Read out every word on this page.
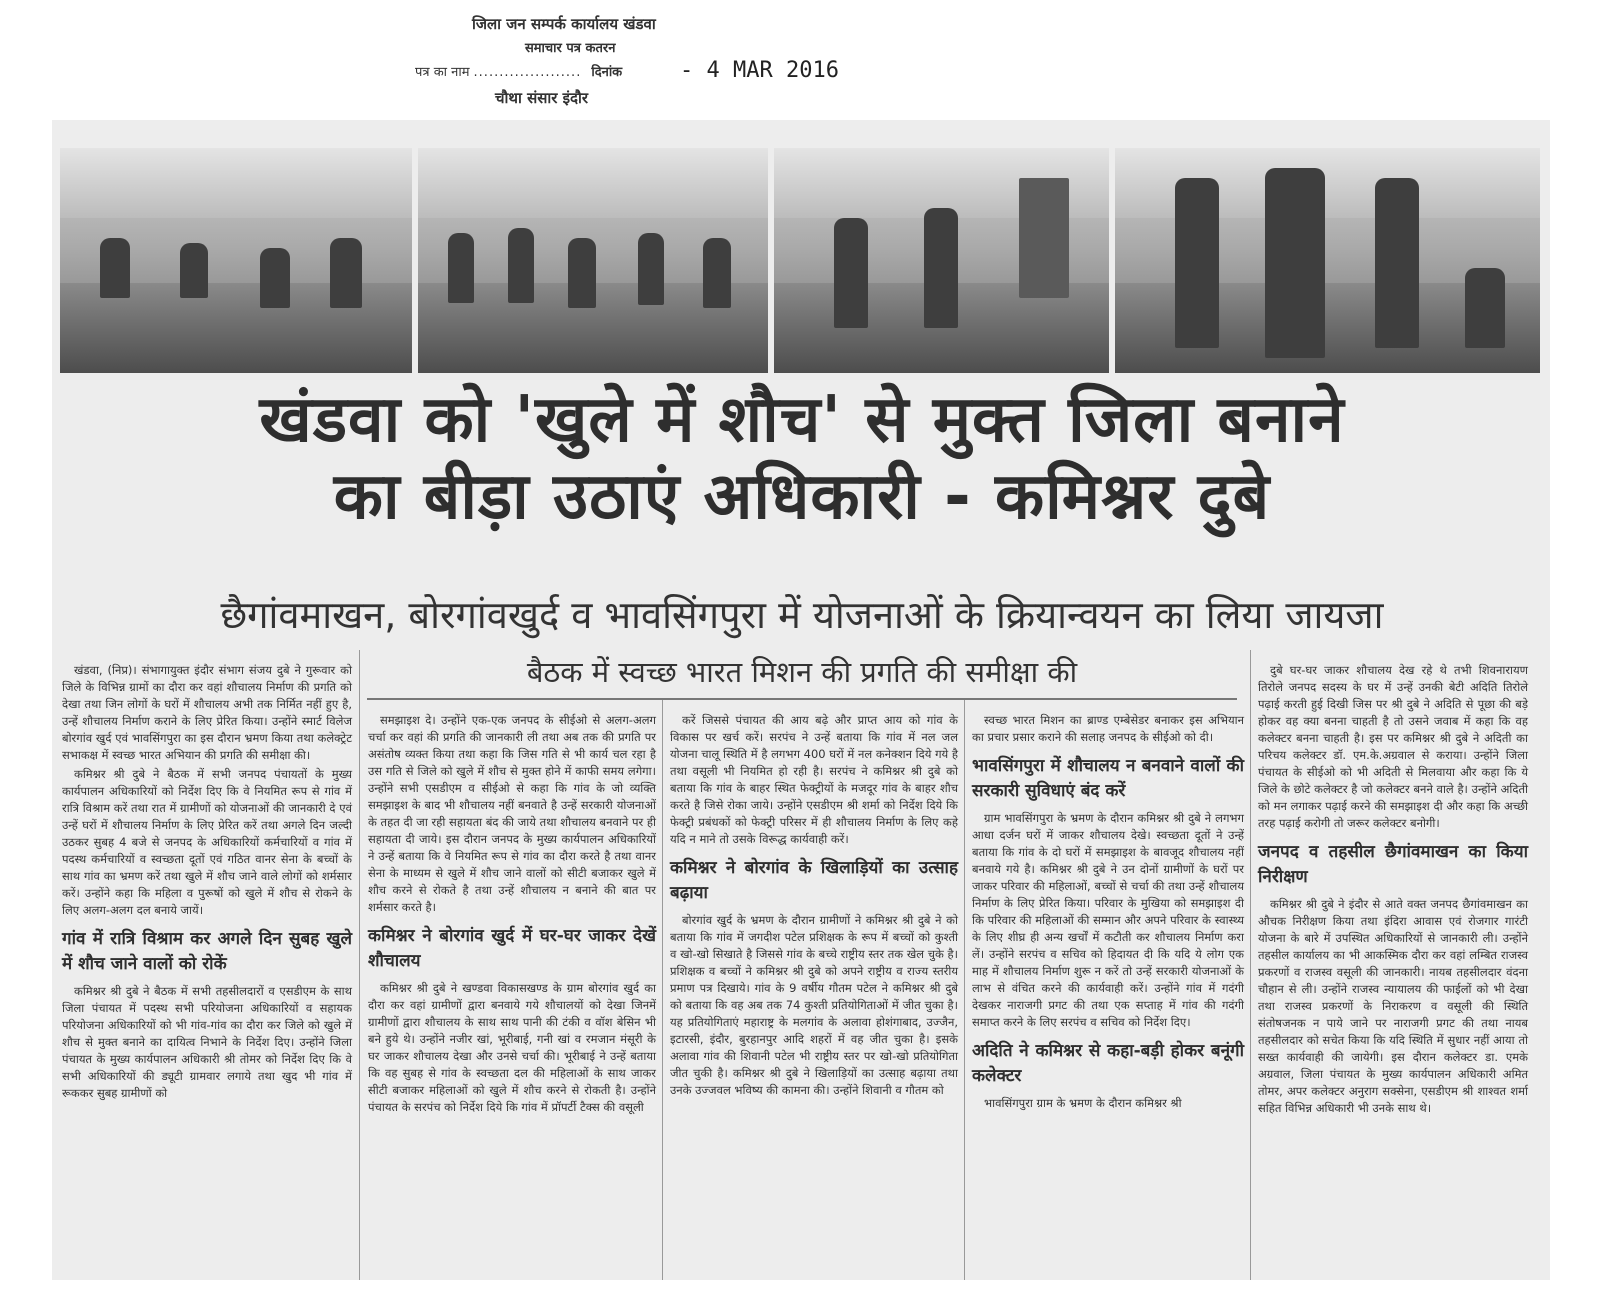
जिला जन सम्पर्क कार्यालय खंडवा
समाचार पत्र कतरन
पत्र का नाम ..................... दिनांक	- 4 MAR 2016
चौथा संसार इंदौर
खंडवा को 'खुले में शौच' से मुक्त जिला बनाने
का बीड़ा उठाएं अधिकारी - कमिश्नर दुबे
छैगांवमाखन, बोरगांवखुर्द व भावसिंगपुरा में योजनाओं के क्रियान्वयन का लिया जायजा
बैठक में स्वच्छ भारत मिशन की प्रगति की समीक्षा की

खंडवा, (निप्र)। संभागायुक्त इंदौर संभाग संजय दुबे ने गुरूवार को जिले के विभिन्न ग्रामों का दौरा कर वहां शौचालय निर्माण की प्रगति को देखा तथा जिन लोगों के घरों में शौचालय अभी तक निर्मित नहीं हुए है, उन्हें शौचालय निर्माण कराने के लिए प्रेरित किया। उन्होंने स्मार्ट विलेज बोरगांव खुर्द एवं भावसिंगपुरा का इस दौरान भ्रमण किया तथा कलेक्ट्रेट सभाकक्ष में स्वच्छ भारत अभियान की प्रगति की समीक्षा की।

कमिश्नर श्री दुबे ने बैठक में सभी जनपद पंचायतों के मुख्य कार्यपालन अधिकारियों को निर्देश दिए कि वे नियमित रूप से गांव में रात्रि विश्राम करें तथा रात में ग्रामीणों को योजनाओं की जानकारी दे एवं उन्हें घरों में शौचालय निर्माण के लिए प्रेरित करें तथा अगले दिन जल्दी उठकर सुबह 4 बजे से जनपद के अधिकारियों कर्मचारियों व गांव में पदस्थ कर्मचारियों व स्वच्छता दूतों एवं गठित वानर सेना के बच्चों के साथ गांव का भ्रमण करें तथा खुले में शौच जाने वाले लोगों को शर्मसार करें। उन्होंने कहा कि महिला व पुरूषों को खुले में शौच से रोकने के लिए अलग-अलग दल बनाये जायें।

गांव में रात्रि विश्राम कर अगले दिन सुबह खुले में शौच जाने वालों को रोकें

कमिश्नर श्री दुबे ने बैठक में सभी तहसीलदारों व एसडीएम के साथ जिला पंचायत में पदस्थ सभी परियोजना अधिकारियों व सहायक परियोजना अधिकारियों को भी गांव-गांव का दौरा कर जिले को खुले में शौच से मुक्त बनाने का दायित्व निभाने के निर्देश दिए। उन्होंने जिला पंचायत के मुख्य कार्यपालन अधिकारी श्री तोमर को निर्देश दिए कि वे सभी अधिकारियों की ड्यूटी ग्रामवार लगाये तथा खुद भी गांव में रूककर सुबह ग्रामीणों को

समझाइश दे। उन्होंने एक-एक जनपद के सीईओ से अलग-अलग चर्चा कर वहां की प्रगति की जानकारी ली तथा अब तक की प्रगति पर असंतोष व्यक्त किया तथा कहा कि जिस गति से भी कार्य चल रहा है उस गति से जिले को खुले में शौच से मुक्त होने में काफी समय लगेगा। उन्होंने सभी एसडीएम व सीईओ से कहा कि गांव के जो व्यक्ति समझाइश के बाद भी शौचालय नहीं बनवाते है उन्हें सरकारी योजनाओं के तहत दी जा रही सहायता बंद की जाये तथा शौचालय बनवाने पर ही सहायता दी जाये। इस दौरान जनपद के मुख्य कार्यपालन अधिकारियों ने उन्हें बताया कि वे नियमित रूप से गांव का दौरा करते है तथा वानर सेना के माध्यम से खुले में शौच जाने वालों को सीटी बजाकर खुले में शौच करने से रोकते है तथा उन्हें शौचालय न बनाने की बात पर शर्मसार करते है।

कमिश्नर ने बोरगांव खुर्द में घर-घर जाकर देखें शौचालय

कमिश्नर श्री दुबे ने खण्डवा विकासखण्ड के ग्राम बोरगांव खुर्द का दौरा कर वहां ग्रामीणों द्वारा बनवाये गये शौचालयों को देखा जिनमें ग्रामीणों द्वारा शौचालय के साथ साथ पानी की टंकी व वॉश बेसिन भी बने हुये थे। उन्होंने नजीर खां, भूरीबाई, गनी खां व रमजान मंसूरी के घर जाकर शौचालय देखा और उनसे चर्चा की। भूरीबाई ने उन्हें बताया कि वह सुबह से गांव के स्वच्छता दल की महिलाओं के साथ जाकर सीटी बजाकर महिलाओं को खुले में शौच करने से रोकती है। उन्होंने पंचायत के सरपंच को निर्देश दिये कि गांव में प्रॉपर्टी टैक्स की वसूली

करें जिससे पंचायत की आय बढ़े और प्राप्त आय को गांव के विकास पर खर्च करें। सरपंच ने उन्हें बताया कि गांव में नल जल योजना चालू स्थिति में है लगभग 400 घरों में नल कनेक्शन दिये गये है तथा वसूली भी नियमित हो रही है। सरपंच ने कमिश्नर श्री दुबे को बताया कि गांव के बाहर स्थित फेक्ट्रीयों के मजदूर गांव के बाहर शौच करते है जिसे रोका जाये। उन्होंने एसडीएम श्री शर्मा को निर्देश दिये कि फेक्ट्री प्रबंधकों को फेक्ट्री परिसर में ही शौचालय निर्माण के लिए कहे यदि न माने तो उसके विरूद्ध कार्यवाही करें।

कमिश्नर ने बोरगांव के खिलाड़ियों का उत्साह बढ़ाया

बोरगांव खुर्द के भ्रमण के दौरान ग्रामीणों ने कमिश्नर श्री दुबे ने को बताया कि गांव में जगदीश पटेल प्रशिक्षक के रूप में बच्चों को कुश्ती व खो-खो सिखाते है जिससे गांव के बच्चे राष्ट्रीय स्तर तक खेल चुके है। प्रशिक्षक व बच्चों ने कमिश्नर श्री दुबे को अपने राष्ट्रीय व राज्य स्तरीय प्रमाण पत्र दिखाये। गांव के 9 वर्षीय गौतम पटेल ने कमिश्नर श्री दुबे को बताया कि वह अब तक 74 कुश्ती प्रतियोगिताओं में जीत चुका है। यह प्रतियोगिताएं महाराष्ट्र के मलगांव के अलावा होशंगाबाद, उज्जैन, इटारसी, इंदौर, बुरहानपुर आदि शहरों में वह जीत चुका है। इसके अलावा गांव की शिवानी पटेल भी राष्ट्रीय स्तर पर खो-खो प्रतियोगिता जीत चुकी है। कमिश्नर श्री दुबे ने खिलाड़ियों का उत्साह बढ़ाया तथा उनके उज्जवल भविष्य की कामना की। उन्होंने शिवानी व गौतम को

स्वच्छ भारत मिशन का ब्राण्ड एम्बेसेडर बनाकर इस अभियान का प्रचार प्रसार कराने की सलाह जनपद के सीईओ को दी।

भावसिंगपुरा में शौचालय न बनवाने वालों की सरकारी सुविधाएं बंद करें

ग्राम भावसिंगपुरा के भ्रमण के दौरान कमिश्नर श्री दुबे ने लगभग आधा दर्जन घरों में जाकर शौचालय देखे। स्वच्छता दूतों ने उन्हें बताया कि गांव के दो घरों में समझाइश के बावजूद शौचालय नहीं बनवाये गये है। कमिश्नर श्री दुबे ने उन दोनों ग्रामीणों के घरों पर जाकर परिवार की महिलाओं, बच्चों से चर्चा की तथा उन्हें शौचालय निर्माण के लिए प्रेरित किया। परिवार के मुखिया को समझाइश दी कि परिवार की महिलाओं की सम्मान और अपने परिवार के स्वास्थ्य के लिए शीघ्र ही अन्य खर्चों में कटौती कर शौचालय निर्माण करा लें। उन्होंने सरपंच व सचिव को हिदायत दी कि यदि ये लोग एक माह में शौचालय निर्माण शुरू न करें तो उन्हें सरकारी योजनाओं के लाभ से वंचित करने की कार्यवाही करें। उन्होंने गांव में गदंगी देखकर नाराजगी प्रगट की तथा एक सप्ताह में गांव की गदंगी समाप्त करने के लिए सरपंच व सचिव को निर्देश दिए।

अदिति ने कमिश्नर से कहा-बड़ी होकर बनूंगी कलेक्टर

भावसिंगपुरा ग्राम के भ्रमण के दौरान कमिश्नर श्री

दुबे घर-घर जाकर शौचालय देख रहे थे तभी शिवनारायण तिरोले जनपद सदस्य के घर में उन्हें उनकी बेटी अदिति तिरोले पढ़ाई करती हुई दिखी जिस पर श्री दुबे ने अदिति से पूछा की बड़े होकर वह क्या बनना चाहती है तो उसने जवाब में कहा कि वह कलेक्टर बनना चाहती है। इस पर कमिश्नर श्री दुबे ने अदिती का परिचय कलेक्टर डॉ. एम.के.अग्रवाल से कराया। उन्होंने जिला पंचायत के सीईओ को भी अदिती से मिलवाया और कहा कि ये जिले के छोटे कलेक्टर है जो कलेक्टर बनने वाले है। उन्होंने अदिती को मन लगाकर पढ़ाई करने की समझाइश दी और कहा कि अच्छी तरह पढ़ाई करोगी तो जरूर कलेक्टर बनोगी।

जनपद व तहसील छैगांवमाखन का किया निरीक्षण

कमिश्नर श्री दुबे ने इंदौर से आते वक्त जनपद छैगांवमाखन का औचक निरीक्षण किया तथा इंदिरा आवास एवं रोजगार गारंटी योजना के बारे में उपस्थित अधिकारियों से जानकारी ली। उन्होंने तहसील कार्यालय का भी आकस्मिक दौरा कर वहां लम्बित राजस्व प्रकरणों व राजस्व वसूली की जानकारी। नायब तहसीलदार वंदना चौहान से ली। उन्होंने राजस्व न्यायालय की फाईलों को भी देखा तथा राजस्व प्रकरणों के निराकरण व वसूली की स्थिति संतोषजनक न पाये जाने पर नाराजगी प्रगट की तथा नायब तहसीलदार को सचेत किया कि यदि स्थिति में सुधार नहीं आया तो सख्त कार्यवाही की जायेगी। इस दौरान कलेक्टर डा. एमके अग्रवाल, जिला पंचायत के मुख्य कार्यपालन अधिकारी अमित तोमर, अपर कलेक्टर अनुराग सक्सेना, एसडीएम श्री शाश्वत शर्मा सहित विभिन्न अधिकारी भी उनके साथ थे।
